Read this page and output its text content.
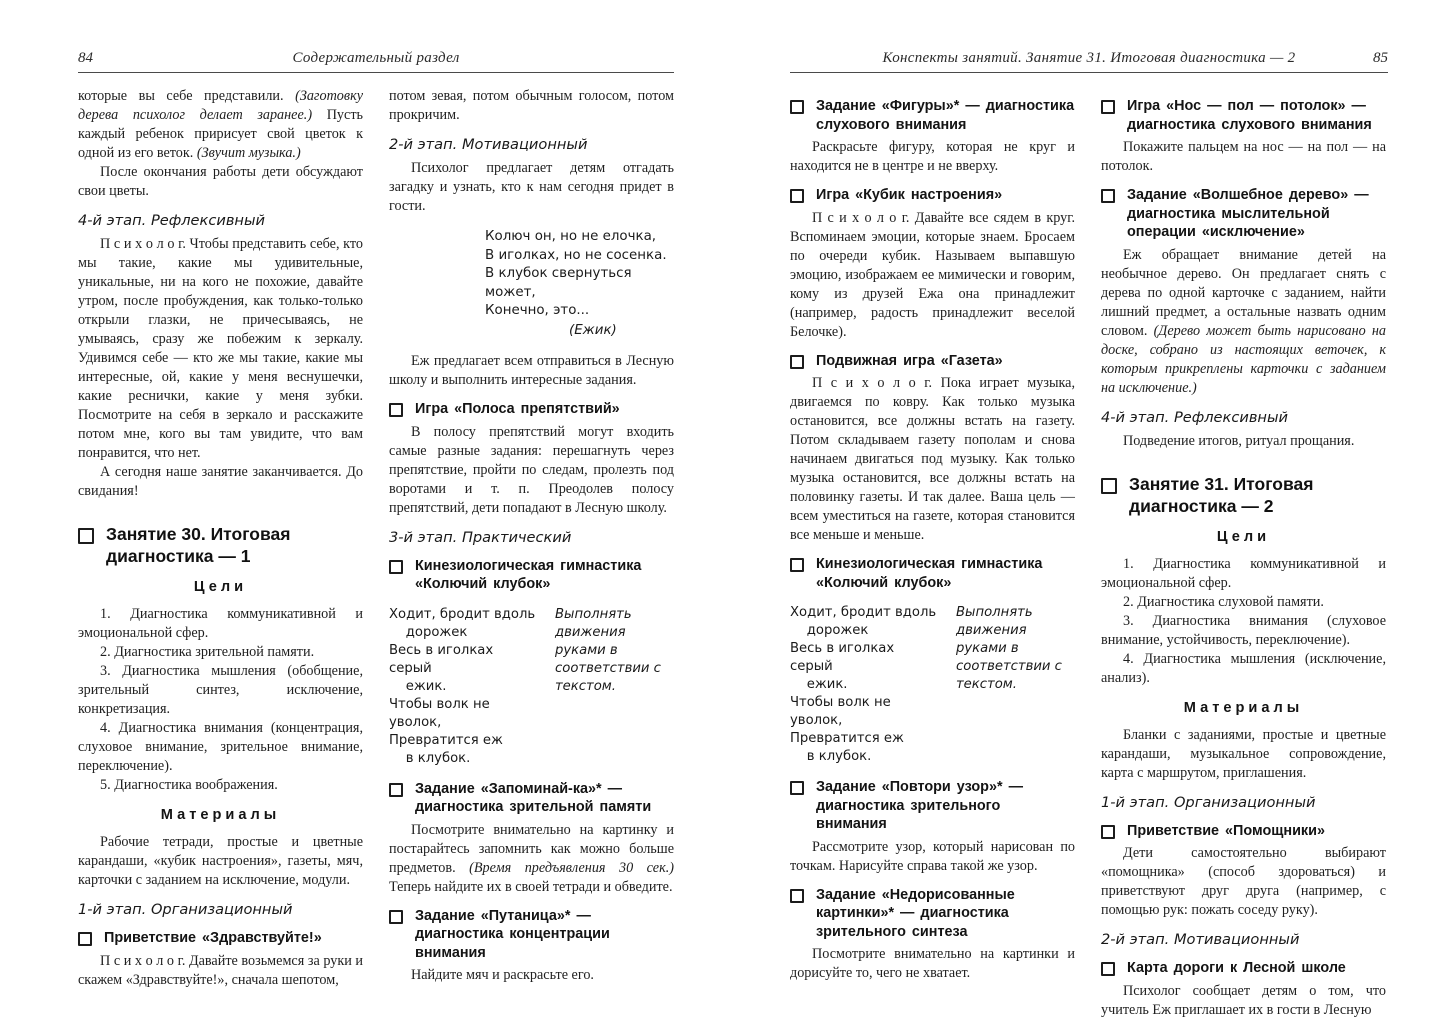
84	Содержательный раздел
которые вы себе представили. (Заготовку дерева психолог делает заранее.) Пусть каждый ребенок пририсует свой цветок к одной из его веток. (Звучит музыка.)
После окончания работы дети обсуждают свои цветы.
4-й этап. Рефлексивный
П с и х о л о г. Чтобы представить себе, кто мы такие, какие мы удивительные, уникальные, ни на кого не похожие, давайте утром, после пробуждения, как только-только открыли глазки, не причесываясь, не умываясь, сразу же побежим к зеркалу. Удивимся себе — кто же мы такие, какие мы интересные, ой, какие у меня веснушечки, какие реснички, какие у меня зубки. Посмотрите на себя в зеркало и расскажите потом мне, кого вы там увидите, что вам понравится, что нет.
А сегодня наше занятие заканчивается. До свидания!
Занятие 30. Итоговая диагностика — 1
Цели
1. Диагностика коммуникативной и эмоциональной сфер.
2. Диагностика зрительной памяти.
3. Диагностика мышления (обобщение, зрительный синтез, исключение, конкретизация.
4. Диагностика внимания (концентрация, слуховое внимание, зрительное внимание, переключение).
5. Диагностика воображения.
Материалы
Рабочие тетради, простые и цветные карандаши, «кубик настроения», газеты, мяч, карточки с заданием на исключение, модули.
1-й этап. Организационный
Приветствие «Здравствуйте!»
П с и х о л о г. Давайте возьмемся за руки и скажем «Здравствуйте!», сначала шепотом,
потом зевая, потом обычным голосом, потом прокричим.
2-й этап. Мотивационный
Психолог предлагает детям отгадать загадку и узнать, кто к нам сегодня придет в гости.
Колюч он, но не елочка,
В иголках, но не сосенка.
В клубок свернуться может,
Конечно, это...
(Ежик)
Еж предлагает всем отправиться в Лесную школу и выполнить интересные задания.
Игра «Полоса препятствий»
В полосу препятствий могут входить самые разные задания: перешагнуть через препятствие, пройти по следам, пролезть под воротами и т. п. Преодолев полосу препятствий, дети попадают в Лесную школу.
3-й этап. Практический
Кинезиологическая гимнастика «Колючий клубок»
Ходит, бродит вдоль
дорожек
Весь в иголках серый
ежик.
Чтобы волк не уволок,
Превратится еж
в клубок.
Выполнять движения руками в соответствии с текстом.
Задание «Запоминай-ка»* — диагностика зрительной памяти
Посмотрите внимательно на картинку и постарайтесь запомнить как можно больше предметов. (Время предъявления 30 сек.) Теперь найдите их в своей тетради и обведите.
Задание «Путаница»* — диагностика концентрации внимания
Найдите мяч и раскрасьте его.
Конспекты занятий. Занятие 31. Итоговая диагностика — 2	85
Задание «Фигуры»* — диагностика слухового внимания
Раскрасьте фигуру, которая не круг и находится не в центре и не вверху.
Игра «Кубик настроения»
П с и х о л о г. Давайте все сядем в круг. Вспоминаем эмоции, которые знаем. Бросаем по очереди кубик. Называем выпавшую эмоцию, изображаем ее мимически и говорим, кому из друзей Ежа она принадлежит (например, радость принадлежит веселой Белочке).
Подвижная игра «Газета»
П с и х о л о г. Пока играет музыка, двигаемся по ковру. Как только музыка остановится, все должны встать на газету. Потом складываем газету пополам и снова начинаем двигаться под музыку. Как только музыка остановится, все должны встать на половинку газеты. И так далее. Ваша цель — всем уместиться на газете, которая становится все меньше и меньше.
Кинезиологическая гимнастика «Колючий клубок»
Ходит, бродит вдоль
дорожек
Весь в иголках серый
ежик.
Чтобы волк не уволок,
Превратится еж
в клубок.
Выполнять движения руками в соответствии с текстом.
Задание «Повтори узор»* — диагностика зрительного внимания
Рассмотрите узор, который нарисован по точкам. Нарисуйте справа такой же узор.
Задание «Недорисованные картинки»* — диагностика зрительного синтеза
Посмотрите внимательно на картинки и дорисуйте то, чего не хватает.
Игра «Нос — пол — потолок» — диагностика слухового внимания
Покажите пальцем на нос — на пол — на потолок.
Задание «Волшебное дерево» — диагностика мыслительной операции «исключение»
Еж обращает внимание детей на необычное дерево. Он предлагает снять с дерева по одной карточке с заданием, найти лишний предмет, а остальные назвать одним словом. (Дерево может быть нарисовано на доске, собрано из настоящих веточек, к которым прикреплены карточки с заданием на исключение.)
4-й этап. Рефлексивный
Подведение итогов, ритуал прощания.
Занятие 31. Итоговая диагностика — 2
Цели
1. Диагностика коммуникативной и эмоциональной сфер.
2. Диагностика слуховой памяти.
3. Диагностика внимания (слуховое внимание, устойчивость, переключение).
4. Диагностика мышления (исключение, анализ).
Материалы
Бланки с заданиями, простые и цветные карандаши, музыкальное сопровождение, карта с маршрутом, приглашения.
1-й этап. Организационный
Приветствие «Помощники»
Дети самостоятельно выбирают «помощника» (способ здороваться) и приветствуют друг друга (например, с помощью рук: пожать соседу руку).
2-й этап. Мотивационный
Карта дороги к Лесной школе
Психолог сообщает детям о том, что учитель Еж приглашает их в гости в Лесную
